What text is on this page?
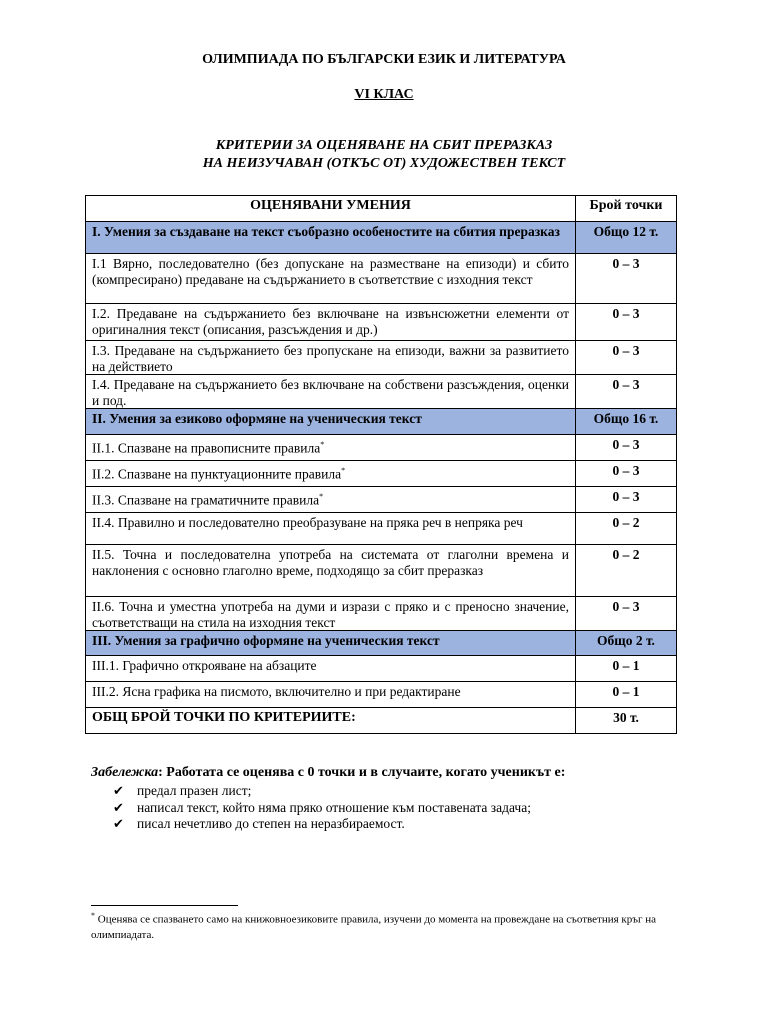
ОЛИМПИАДА ПО БЪЛГАРСКИ ЕЗИК И ЛИТЕРАТУРА
VI КЛАС
КРИТЕРИИ ЗА ОЦЕНЯВАНЕ НА СБИТ ПРЕРАЗКАЗ
НА НЕИЗУЧАВАН (ОТКЪС ОТ) ХУДОЖЕСТВЕН ТЕКСТ
ОЦЕНЯВАНИ УМЕНИЯ	Брой точки
I. Умения за създаване на текст съобразно особеностите на сбития преразказ	Общо 12 т.
I.1 Вярно, последователно (без допускане на разместване на епизоди) и сбито (компресирано) предаване на съдържанието в съответствие с изходния текст	0 – 3
I.2. Предаване на съдържанието без включване на извънсюжетни елементи от оригиналния текст (описания, разсъждения и др.)	0 – 3
I.3. Предаване на съдържанието без пропускане на епизоди, важни за развитието на действието	0 – 3
I.4. Предаване на съдържанието без включване на собствени разсъждения, оценки и под.	0 – 3
II. Умения за езиково оформяне на ученическия текст	Общо 16 т.
II.1. Спазване на правописните правила*	0 – 3
II.2. Спазване на пунктуационните правила*	0 – 3
II.3. Спазване на граматичните правила*	0 – 3
II.4. Правилно и последователно преобразуване на пряка реч в непряка реч	0 – 2
II.5. Точна и последователна употреба на системата от глаголни времена и наклонения с основно глаголно време, подходящо за сбит преразказ	0 – 2
II.6. Точна и уместна употреба на думи и изрази с пряко и с преносно значение, съответстващи на стила на изходния текст	0 – 3
III. Умения за графично оформяне на ученическия текст	Общо 2 т.
III.1. Графично открояване на абзаците	0 – 1
III.2. Ясна графика на писмото, включително и при редактиране	0 – 1
ОБЩ БРОЙ ТОЧКИ ПО КРИТЕРИИТЕ:	30 т.
Забележка: Работата се оценява с 0 точки и в случаите, когато ученикът е:
✔ предал празен лист;
✔ написал текст, който няма пряко отношение към поставената задача;
✔ писал нечетливо до степен на неразбираемост.
* Оценява се спазването само на книжовноезиковите правила, изучени до момента на провеждане на съответния кръг на олимпиадата.
